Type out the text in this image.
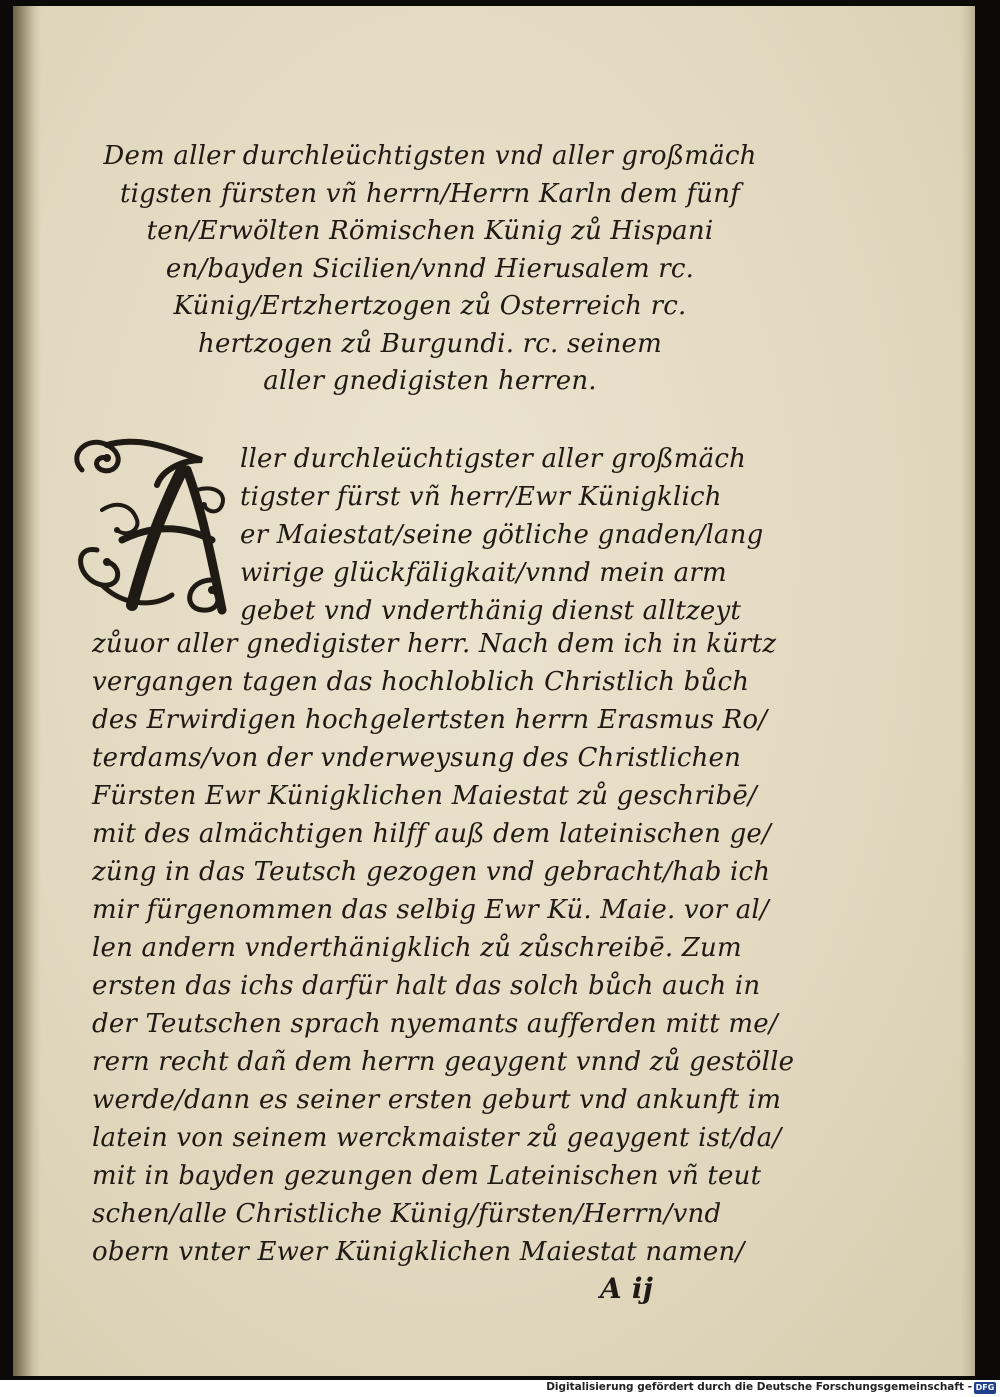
Dem aller durchleüchtigsten vnd aller großmäch
tigsten fürsten vñ herrn/Herrn Karln dem fünf
ten/Erwölten Römischen Künig zů Hispani
en/bayden Sicilien/vnnd Hierusalem rc.
Künig/Ertzhertzogen zů Osterreich rc.
hertzogen zů Burgundi. rc. seinem
aller gnedigisten herren.
ller durchleüchtigster aller großmäch
tigster fürst vñ herr/Ewr Künigklich
er Maiestat/seine götliche gnaden/lang
wirige glückfäligkait/vnnd mein arm
gebet vnd vnderthänig dienst alltzeyt
zůuor aller gnedigister herr. Nach dem ich in kürtz
vergangen tagen das hochloblich Christlich bůch
des Erwirdigen hochgelertsten herrn Erasmus Ro/
terdams/von der vnderweysung des Christlichen
Fürsten Ewr Künigklichen Maiestat zů geschribē/
mit des almächtigen hilff auß dem lateinischen ge/
züng in das Teutsch gezogen vnd gebracht/hab ich
mir fürgenommen das selbig Ewr Kü. Maie. vor al/
len andern vnderthänigklich zů zůschreibē. Zum
ersten das ichs darfür halt das solch bůch auch in
der Teutschen sprach nyemants aufferden mitt me/
rern recht dañ dem herrn geaygent vnnd zů gestölle
werde/dann es seiner ersten geburt vnd ankunft im
latein von seinem werckmaister zů geaygent ist/da/
mit in bayden gezungen dem Lateinischen vñ teut
schen/alle Christliche Künig/fürsten/Herrn/vnd
obern vnter Ewer Künigklichen Maiestat namen/
A ij
Digitalisierung gefördert durch die Deutsche Forschungsgemeinschaft - DFG
